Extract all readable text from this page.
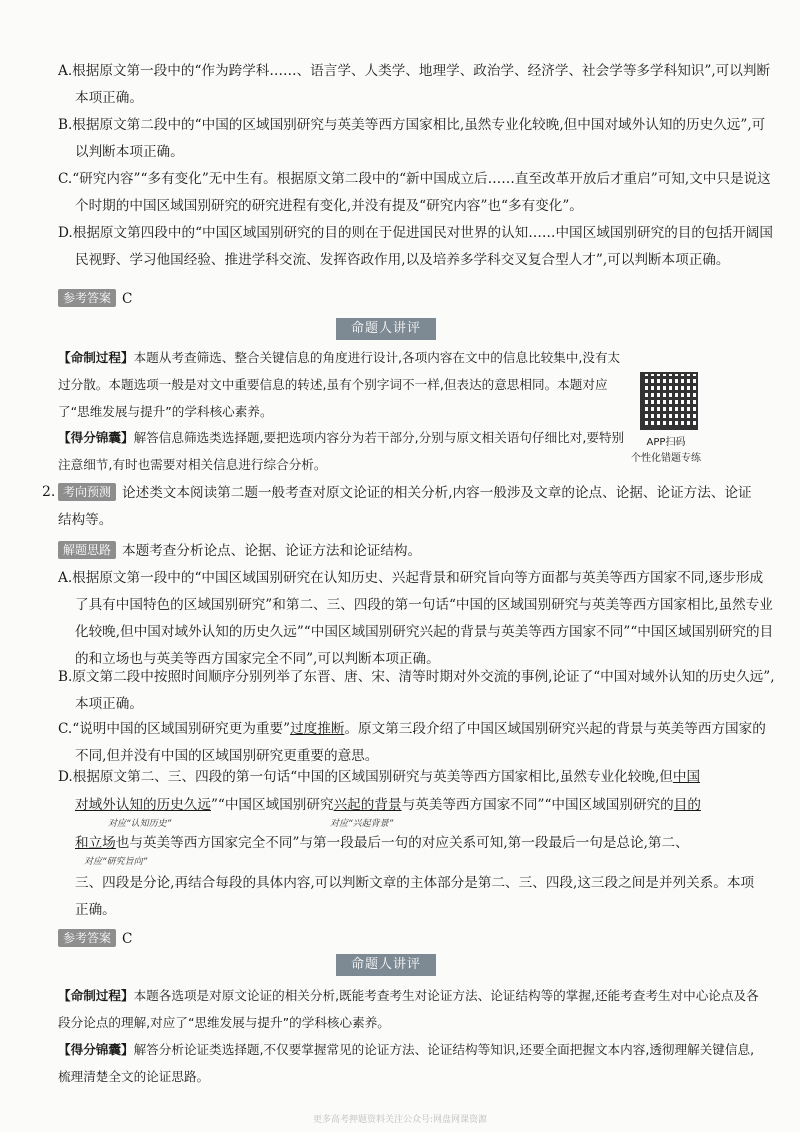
A.根据原文第一段中的“作为跨学科……、语言学、人类学、地理学、政治学、经济学、社会学等多学科知识”,可以判断本项正确。
B.根据原文第二段中的“中国的区域国别研究与英美等西方国家相比,虽然专业化较晚,但中国对域外认知的历史久远”,可以判断本项正确。
C.“研究内容”“多有变化”无中生有。根据原文第二段中的“新中国成立后……直至改革开放后才重启”可知,文中只是说这个时期的中国区域国别研究的研究进程有变化,并没有提及“研究内容”也“多有变化”。
D.根据原文第四段中的“中国区域国别研究的目的则在于促进国民对世界的认知……中国区域国别研究的目的包括开阔国民视野、学习他国经验、推进学科交流、发挥咨政作用,以及培养多学科交叉复合型人才”,可以判断本项正确。
参考答案 C
命题人讲评
【命制过程】本题从考查筛选、整合关键信息的角度进行设计,各项内容在文中的信息比较集中,没有太过分散。本题选项一般是对文中重要信息的转述,虽有个别字词不一样,但表达的意思相同。本题对应了“思维发展与提升”的学科核心素养。
【得分锦囊】解答信息筛选类选择题,要把选项内容分为若干部分,分别与原文相关语句仔细比对,要特别注意细节,有时也需要对相关信息进行综合分析。
APP扫码
个性化错题专练
2. 考向预测 论述类文本阅读第二题一般考查对原文论证的相关分析,内容一般涉及文章的论点、论据、论证方法、论证结构等。
解题思路 本题考查分析论点、论据、论证方法和论证结构。
A.根据原文第一段中的“中国区域国别研究在认知历史、兴起背景和研究旨向等方面都与英美等西方国家不同,逐步形成了具有中国特色的区域国别研究”和第二、三、四段的第一句话“中国的区域国别研究与英美等西方国家相比,虽然专业化较晚,但中国对域外认知的历史久远”“中国区域国别研究兴起的背景与英美等西方国家不同”“中国区域国别研究的目的和立场也与英美等西方国家完全不同”,可以判断本项正确。
B.原文第二段中按照时间顺序分别列举了东晋、唐、宋、清等时期对外交流的事例,论证了“中国对域外认知的历史久远”,本项正确。
C.“说明中国的区域国别研究更为重要”过度推断。原文第三段介绍了中国区域国别研究兴起的背景与英美等西方国家的不同,但并没有中国的区域国别研究更重要的意思。
D.根据原文第二、三、四段的第一句话“中国的区域国别研究与英美等西方国家相比,虽然专业化较晚,但中国
对域外认知的历史久远”“中国区域国别研究兴起的背景与英美等西方国家不同”“中国区域国别研究的目的
对应“认知历史”	对应“兴起背景”
和立场也与英美等西方国家完全不同”与第一段最后一句的对应关系可知,第一段最后一句是总论,第二、
对应“研究旨向”
三、四段是分论,再结合每段的具体内容,可以判断文章的主体部分是第二、三、四段,这三段之间是并列关系。本项正确。
参考答案 C
命题人讲评
【命制过程】本题各选项是对原文论证的相关分析,既能考查考生对论证方法、论证结构等的掌握,还能考查考生对中心论点及各段分论点的理解,对应了“思维发展与提升”的学科核心素养。
【得分锦囊】解答分析论证类选择题,不仅要掌握常见的论证方法、论证结构等知识,还要全面把握文本内容,透彻理解关键信息,梳理清楚全文的论证思路。
更多高考押题资料关注公众号:网盘网课资源
